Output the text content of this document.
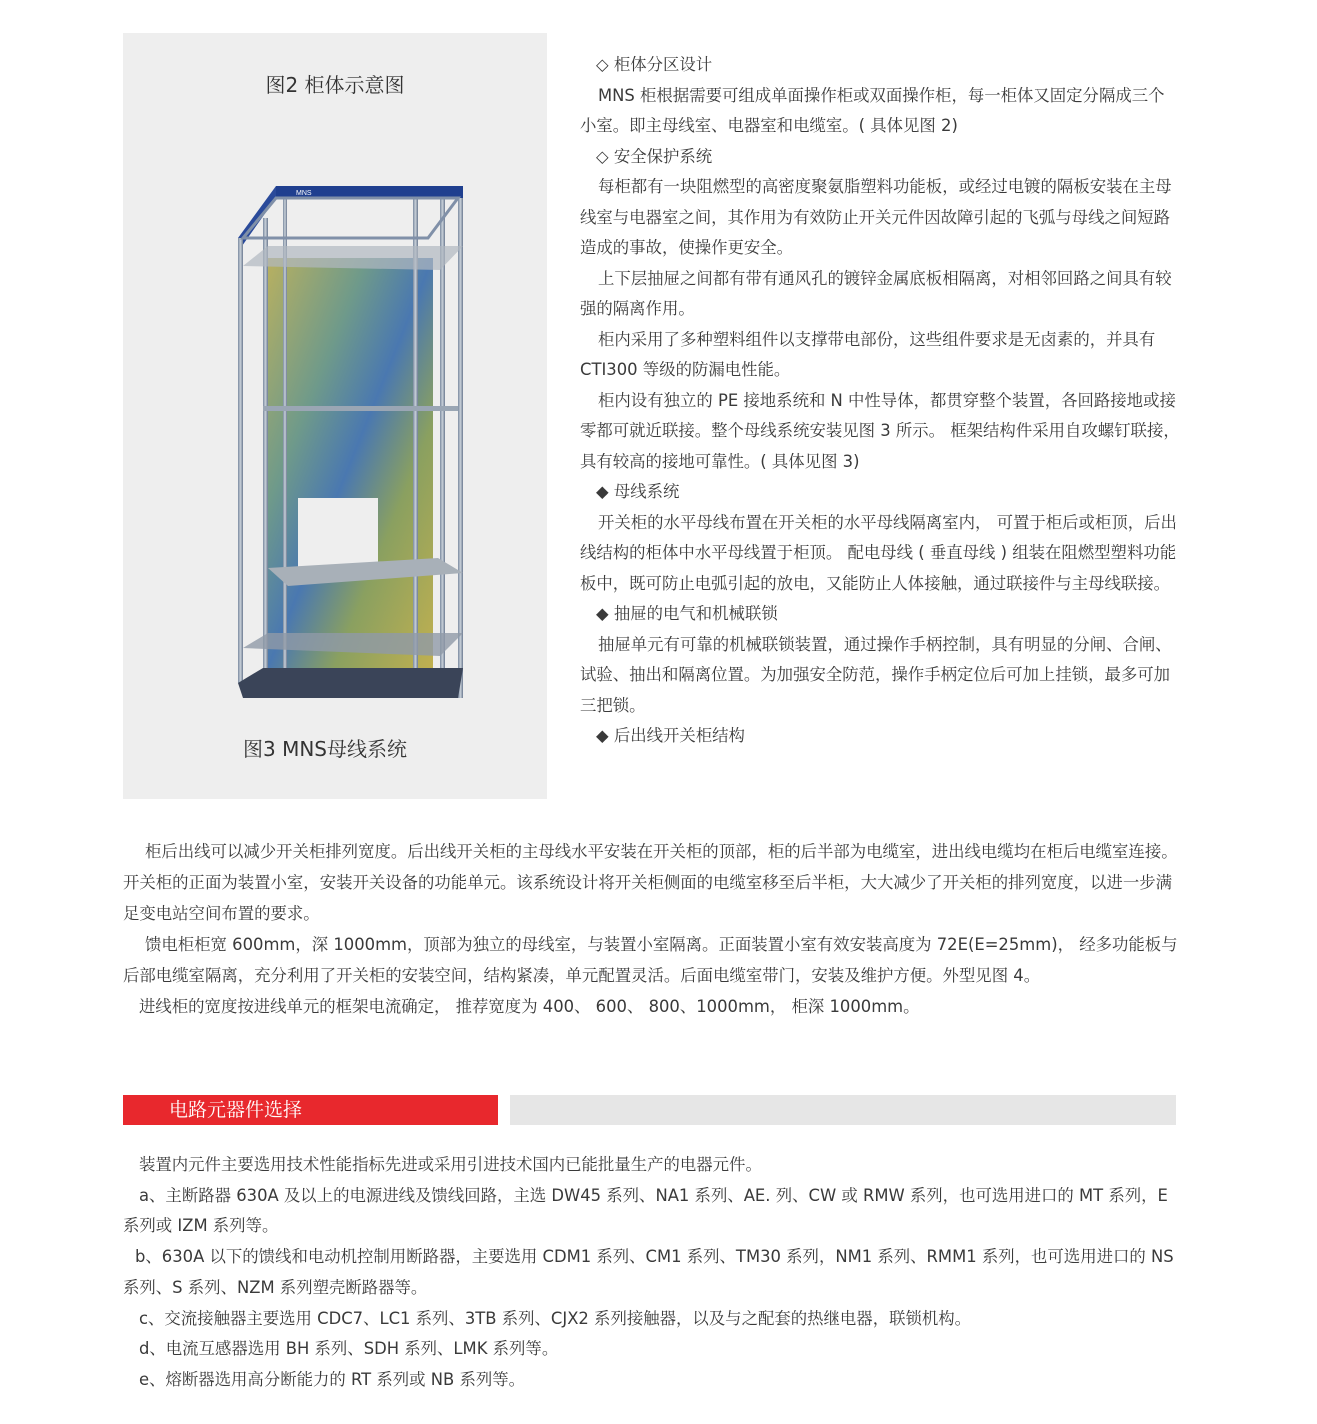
图2 柜体示意图
MNS
图3 MNS母线系统

◇ 柜体分区设计

MNS 柜根据需要可组成单面操作柜或双面操作柜，每一柜体又固定分隔成三个小室。即主母线室、电器室和电缆室。( 具体见图 2)

◇ 安全保护系统

每柜都有一块阻燃型的高密度聚氨脂塑料功能板，或经过电镀的隔板安装在主母线室与电器室之间，其作用为有效防止开关元件因故障引起的飞弧与母线之间短路造成的事故，使操作更安全。

上下层抽屉之间都有带有通风孔的镀锌金属底板相隔离，对相邻回路之间具有较强的隔离作用。

柜内采用了多种塑料组件以支撑带电部份，这些组件要求是无卤素的，并具有 CTI300 等级的防漏电性能。

柜内设有独立的 PE 接地系统和 N 中性导体，都贯穿整个装置，各回路接地或接零都可就近联接。整个母线系统安装见图 3 所示。 框架结构件采用自攻螺钉联接，具有较高的接地可靠性。( 具体见图 3)

◆ 母线系统

开关柜的水平母线布置在开关柜的水平母线隔离室内， 可置于柜后或柜顶，后出线结构的柜体中水平母线置于柜顶。 配电母线 ( 垂直母线 ) 组装在阻燃型塑料功能板中，既可防止电弧引起的放电，又能防止人体接触，通过联接件与主母线联接。

◆ 抽屉的电气和机械联锁

抽屉单元有可靠的机械联锁装置，通过操作手柄控制，具有明显的分闸、合闸、试验、抽出和隔离位置。为加强安全防范，操作手柄定位后可加上挂锁，最多可加三把锁。

◆ 后出线开关柜结构

柜后出线可以减少开关柜排列宽度。后出线开关柜的主母线水平安装在开关柜的顶部，柜的后半部为电缆室，进出线电缆均在柜后电缆室连接。开关柜的正面为装置小室，安装开关设备的功能单元。该系统设计将开关柜侧面的电缆室移至后半柜，大大减少了开关柜的排列宽度，以进一步满足变电站空间布置的要求。

馈电柜柜宽 600mm，深 1000mm，顶部为独立的母线室，与装置小室隔离。正面装置小室有效安装高度为 72E(E=25mm)， 经多功能板与后部电缆室隔离，充分利用了开关柜的安装空间，结构紧凑，单元配置灵活。后面电缆室带门，安装及维护方便。外型见图 4。

进线柜的宽度按进线单元的框架电流确定， 推荐宽度为 400、 600、 800、1000mm， 柜深 1000mm。

电路元器件选择

装置内元件主要选用技术性能指标先进或采用引进技术国内已能批量生产的电器元件。

a、主断路器 630A 及以上的电源进线及馈线回路，主选 DW45 系列、NA1 系列、AE. 列、CW 或 RMW 系列，也可选用进口的 MT 系列，E 系列或 IZM 系列等。

b、630A 以下的馈线和电动机控制用断路器，主要选用 CDM1 系列、CM1 系列、TM30 系列，NM1 系列、RMM1 系列，也可选用进口的 NS 系列、S 系列、NZM 系列塑壳断路器等。

c、交流接触器主要选用 CDC7、LC1 系列、3TB 系列、CJX2 系列接触器，以及与之配套的热继电器，联锁机构。

d、电流互感器选用 BH 系列、SDH 系列、LMK 系列等。

e、熔断器选用高分断能力的 RT 系列或 NB 系列等。
